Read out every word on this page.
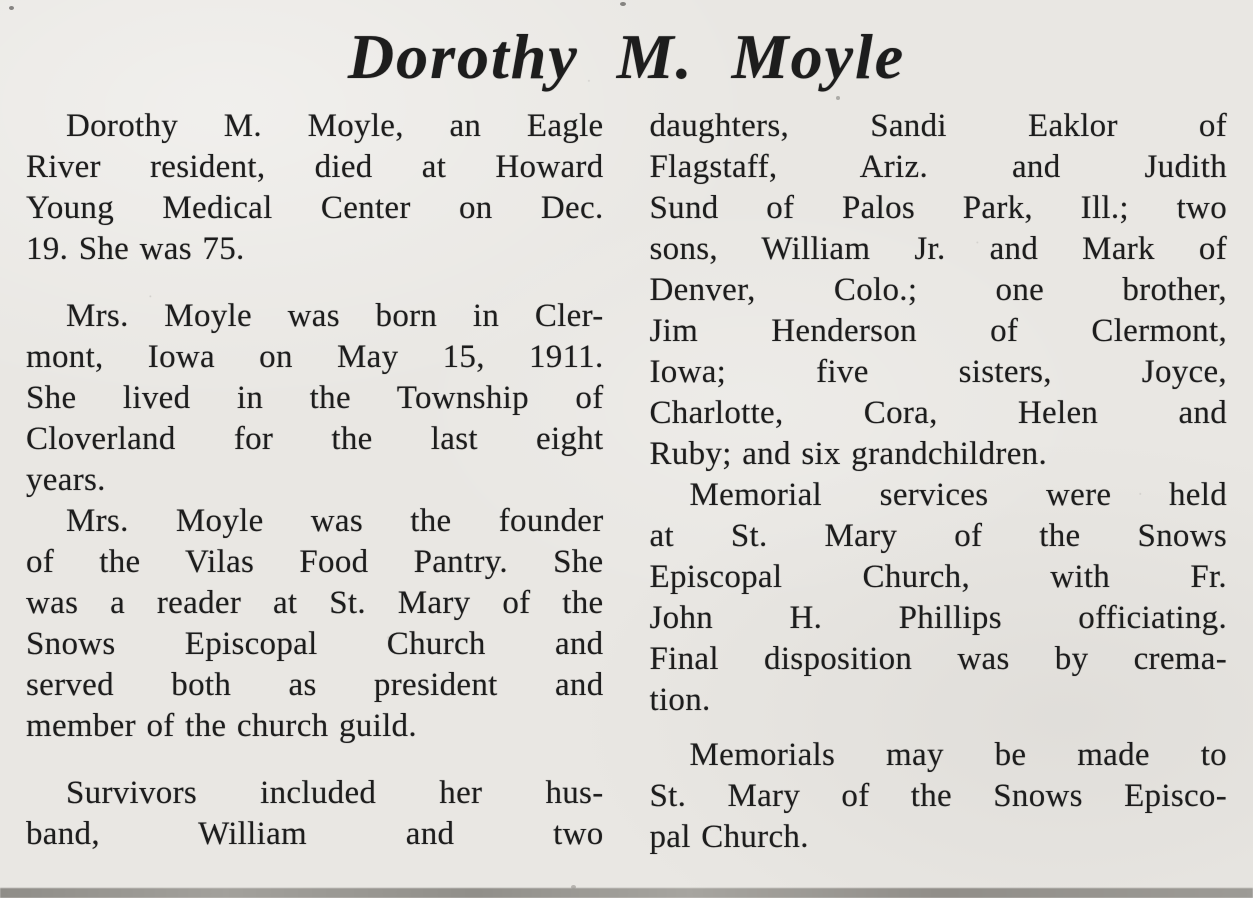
Dorothy M. Moyle
Dorothy M. Moyle, an Eagle
River resident, died at Howard
Young Medical Center on Dec.
19. She was 75.
Mrs. Moyle was born in Cler-
mont, Iowa on May 15, 1911.
She lived in the Township of
Cloverland for the last eight
years.
Mrs. Moyle was the founder
of the Vilas Food Pantry. She
was a reader at St. Mary of the
Snows Episcopal Church and
served both as president and
member of the church guild.
Survivors included her hus-
band, William and two
daughters, Sandi Eaklor of
Flagstaff, Ariz. and Judith
Sund of Palos Park, Ill.; two
sons, William Jr. and Mark of
Denver, Colo.; one brother,
Jim Henderson of Clermont,
Iowa; five sisters, Joyce,
Charlotte, Cora, Helen and
Ruby; and six grandchildren.
Memorial services were held
at St. Mary of the Snows
Episcopal Church, with Fr.
John H. Phillips officiating.
Final disposition was by crema-
tion.
Memorials may be made to
St. Mary of the Snows Episco-
pal Church.
